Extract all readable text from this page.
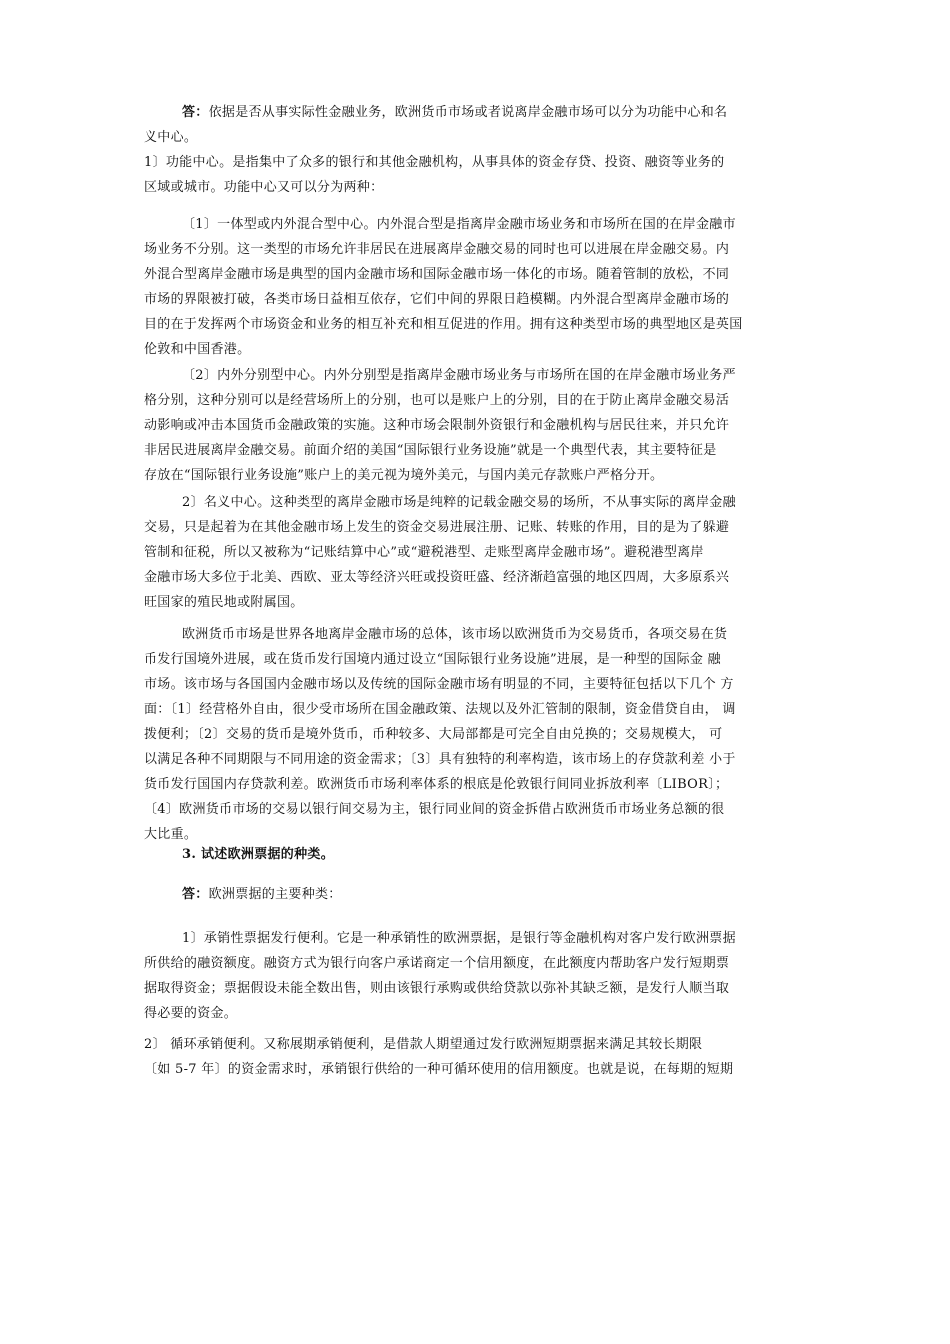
答：依据是否从事实际性金融业务，欧洲货币市场或者说离岸金融市场可以分为功能中心和名
义中心。

1〕功能中心。是指集中了众多的银行和其他金融机构，从事具体的资金存贷、投资、融资等业务的
区域或城市。功能中心又可以分为两种：

〔1〕一体型或内外混合型中心。内外混合型是指离岸金融市场业务和市场所在国的在岸金融市
场业务不分别。这一类型的市场允许非居民在进展离岸金融交易的同时也可以进展在岸金融交易。内
外混合型离岸金融市场是典型的国内金融市场和国际金融市场一体化的市场。随着管制的放松，不同
市场的界限被打破，各类市场日益相互依存，它们中间的界限日趋模糊。内外混合型离岸金融市场的
目的在于发挥两个市场资金和业务的相互补充和相互促进的作用。拥有这种类型市场的典型地区是英国
伦敦和中国香港。

〔2〕内外分别型中心。内外分别型是指离岸金融市场业务与市场所在国的在岸金融市场业务严
格分别，这种分别可以是经营场所上的分别，也可以是账户上的分别，目的在于防止离岸金融交易活
动影响或冲击本国货币金融政策的实施。这种市场会限制外资银行和金融机构与居民往来，并只允许
非居民进展离岸金融交易。前面介绍的美国“国际银行业务设施”就是一个典型代表，其主要特征是
存放在“国际银行业务设施”账户上的美元视为境外美元，与国内美元存款账户严格分开。

2〕名义中心。这种类型的离岸金融市场是纯粹的记载金融交易的场所，不从事实际的离岸金融
交易，只是起着为在其他金融市场上发生的资金交易进展注册、记账、转账的作用，目的是为了躲避
管制和征税，所以又被称为“记账结算中心”或“避税港型、走账型离岸金融市场”。避税港型离岸
金融市场大多位于北美、西欧、亚太等经济兴旺或投资旺盛、经济渐趋富强的地区四周，大多原系兴
旺国家的殖民地或附属国。

欧洲货币市场是世界各地离岸金融市场的总体，该市场以欧洲货币为交易货币，各项交易在货
币发行国境外进展，或在货币发行国境内通过设立“国际银行业务设施”进展，是一种型的国际金 融
市场。该市场与各国国内金融市场以及传统的国际金融市场有明显的不同，主要特征包括以下几个 方
面：〔1〕经营格外自由，很少受市场所在国金融政策、法规以及外汇管制的限制，资金借贷自由， 调
拨便利；〔2〕交易的货币是境外货币，币种较多、大局部都是可完全自由兑换的；交易规模大， 可
以满足各种不同期限与不同用途的资金需求；〔3〕具有独特的利率构造，该市场上的存贷款利差 小于
货币发行国国内存贷款利差。欧洲货币市场利率体系的根底是伦敦银行间同业拆放利率〔LIBOR〕；
〔4〕欧洲货币市场的交易以银行间交易为主，银行同业间的资金拆借占欧洲货币市场业务总额的很
大比重。

3. 试述欧洲票据的种类。

答：欧洲票据的主要种类：

1〕承销性票据发行便利。它是一种承销性的欧洲票据，是银行等金融机构对客户发行欧洲票据
所供给的融资额度。融资方式为银行向客户承诺商定一个信用额度，在此额度内帮助客户发行短期票
据取得资金；票据假设未能全数出售，则由该银行承购或供给贷款以弥补其缺乏额，是发行人顺当取
得必要的资金。

2〕 循环承销便利。又称展期承销便利，是借款人期望通过发行欧洲短期票据来满足其较长期限
〔如 5-7 年〕的资金需求时，承销银行供给的一种可循环使用的信用额度。也就是说，在每期的短期
